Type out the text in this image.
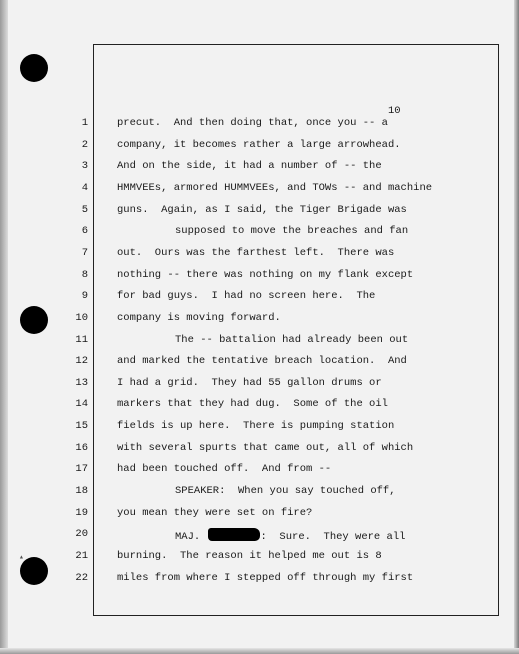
▴
10
1
2
3
4
5
6
7
8
9
10
11
12
13
14
15
16
17
18
19
20
21
22
precut.  And then doing that, once you -- a
company, it becomes rather a large arrowhead.
And on the side, it had a number of -- the
HMMVEEs, armored HUMMVEEs, and TOWs -- and machine
guns.  Again, as I said, the Tiger Brigade was
supposed to move the breaches and fan
out.  Ours was the farthest left.  There was
nothing -- there was nothing on my flank except
for bad guys.  I had no screen here.  The
company is moving forward.
The -- battalion had already been out
and marked the tentative breach location.  And
I had a grid.  They had 55 gallon drums or
markers that they had dug.  Some of the oil
fields is up here.  There is pumping station
with several spurts that came out, all of which
had been touched off.  And from --
SPEAKER:  When you say touched off,
you mean they were set on fire?
MAJ.	:  Sure.  They were all
burning.  The reason it helped me out is 8
miles from where I stepped off through my first
